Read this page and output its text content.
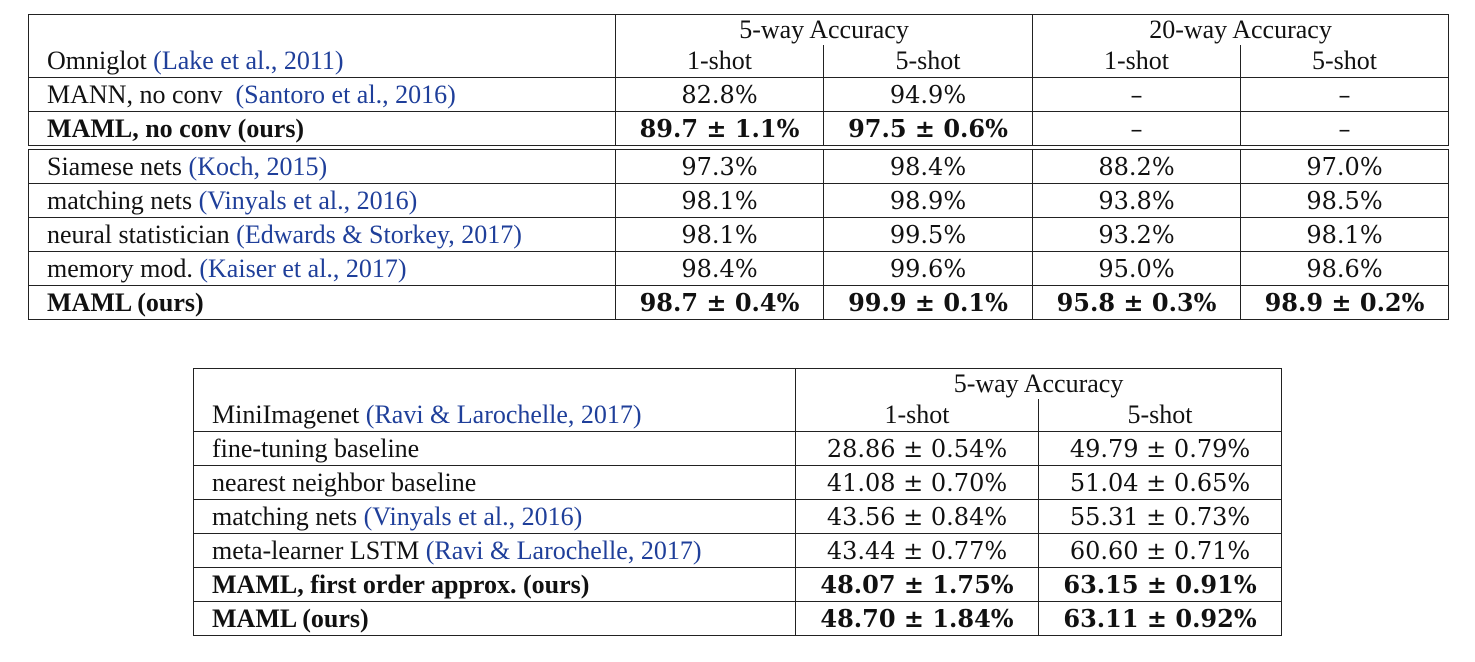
	5-way Accuracy		20-way Accuracy	
Omniglot (Lake et al., 2011)	1-shot	5-shot	1-shot	5-shot
MANN, no conv (Santoro et al., 2016)	82.8%	94.9%	–	–
MAML, no conv (ours)	89.7 ± 1.1%	97.5 ± 0.6%	–	–

Siamese nets (Koch, 2015)	97.3%	98.4%	88.2%	97.0%
matching nets (Vinyals et al., 2016)	98.1%	98.9%	93.8%	98.5%
neural statistician (Edwards & Storkey, 2017)	98.1%	99.5%	93.2%	98.1%
memory mod. (Kaiser et al., 2017)	98.4%	99.6%	95.0%	98.6%
MAML (ours)	98.7 ± 0.4%	99.9 ± 0.1%	95.8 ± 0.3%	98.9 ± 0.2%
	5-way Accuracy	
MiniImagenet (Ravi & Larochelle, 2017)	1-shot	5-shot
fine-tuning baseline	28.86 ± 0.54%	49.79 ± 0.79%
nearest neighbor baseline	41.08 ± 0.70%	51.04 ± 0.65%
matching nets (Vinyals et al., 2016)	43.56 ± 0.84%	55.31 ± 0.73%
meta-learner LSTM (Ravi & Larochelle, 2017)	43.44 ± 0.77%	60.60 ± 0.71%
MAML, first order approx. (ours)	48.07 ± 1.75%	63.15 ± 0.91%
MAML (ours)	48.70 ± 1.84%	63.11 ± 0.92%
